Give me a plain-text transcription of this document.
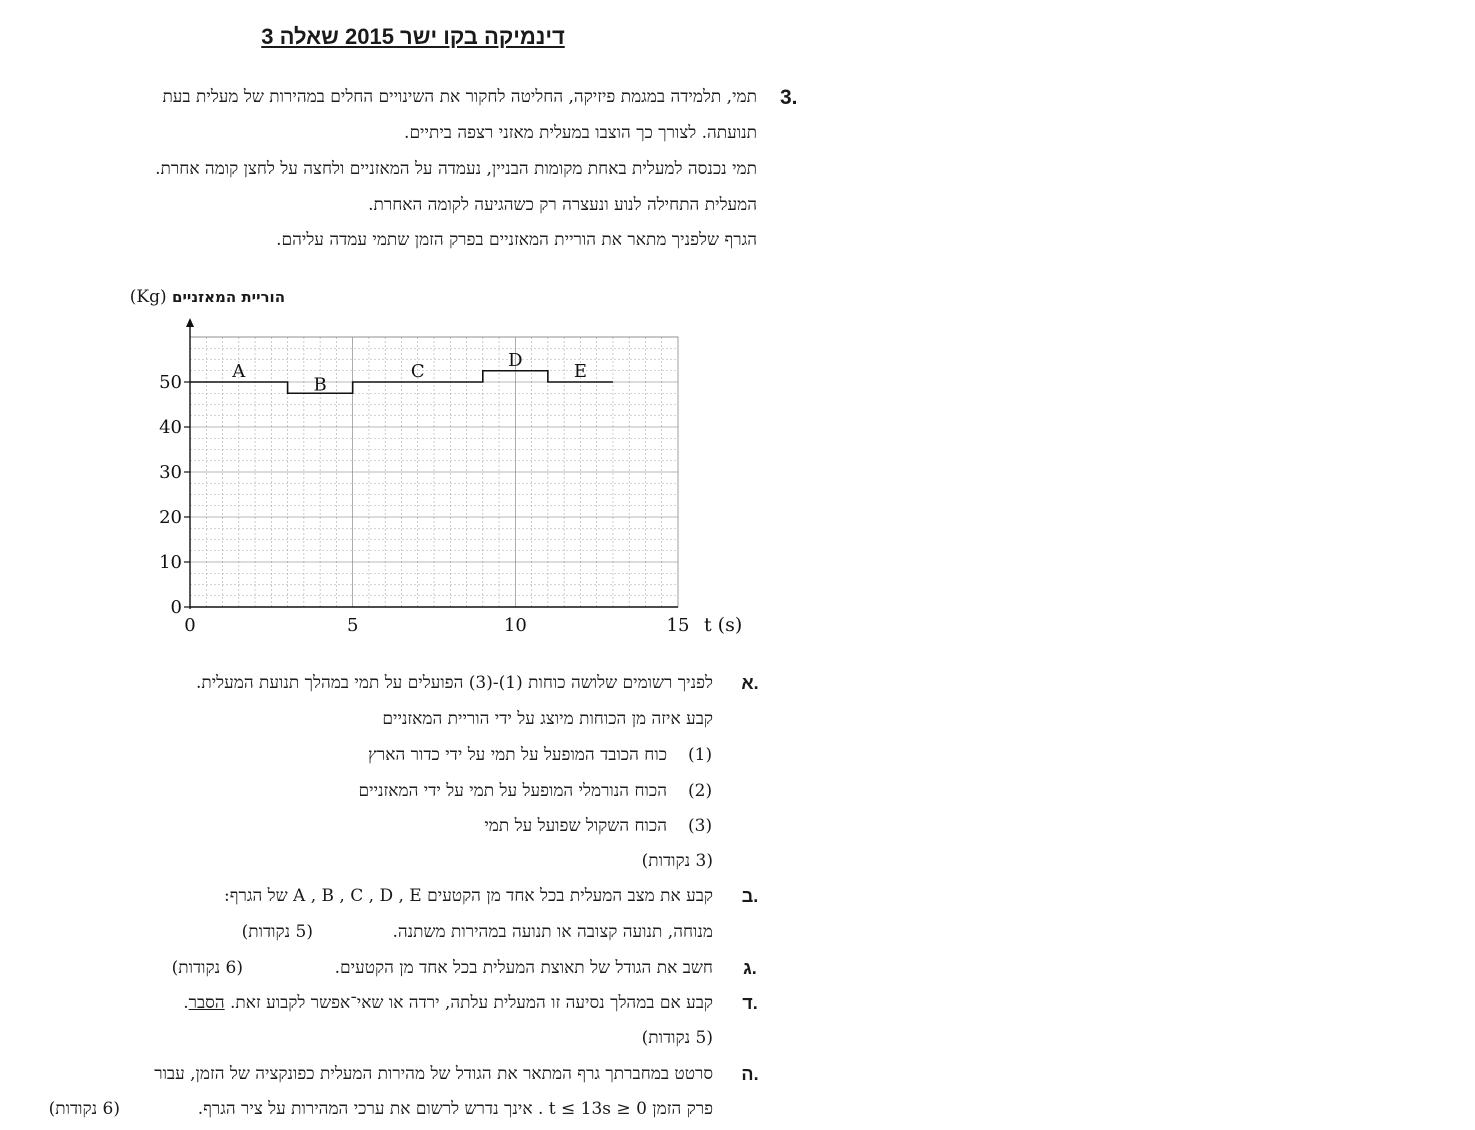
דינמיקה בקו ישר 2015 שאלה 3
3.
תמי, תלמידה במגמת פיזיקה, החליטה לחקור את השינויים החלים במהירות של מעלית בעת
תנועתה. לצורך כך הוצבו במעלית מאזני רצפה ביתיים.
תמי נכנסה למעלית באחת מקומות הבניין, נעמדה על המאזניים ולחצה על לחצן קומה אחרת.
המעלית התחילה לנוע ונעצרה רק כשהגיעה לקומה האחרת.
הגרף שלפניך מתאר את הוריית המאזניים בפרק הזמן שתמי עמדה עליהם.
הוריית המאזניים (Kg)
0
10
20
30
40
50
0	5	10	15 t (s)
A
B
C
D
E
א.
לפניך רשומים שלושה כוחות (1)-(3) הפועלים על תמי במהלך תנועת המעלית.
קבע איזה מן הכוחות מיוצג על ידי הוריית המאזניים
(1)
כוח הכובד המופעל על תמי על ידי כדור הארץ
(2)
הכוח הנורמלי המופעל על תמי על ידי המאזניים
(3)
הכוח השקול שפועל על תמי
(3 נקודות)
ב.
קבע את מצב המעלית בכל אחד מן הקטעים A , B , C , D , E של הגרף:
מנוחה, תנועה קצובה או תנועה במהירות משתנה.
(5 נקודות)
ג.
חשב את הגודל של תאוצת המעלית בכל אחד מן הקטעים.
(6 נקודות)
ד.
קבע אם במהלך נסיעה זו המעלית עלתה, ירדה או שאי־אפשר לקבוע זאת. הסבר.
(5 נקודות)
ה.
סרטט במחברתך גרף המתאר את הגודל של מהירות המעלית כפונקציה של הזמן, עבור
פרק הזמן 0 ≤ t ≤ 13s . אינך נדרש לרשום את ערכי המהירות על ציר הגרף.
(6 נקודות)
